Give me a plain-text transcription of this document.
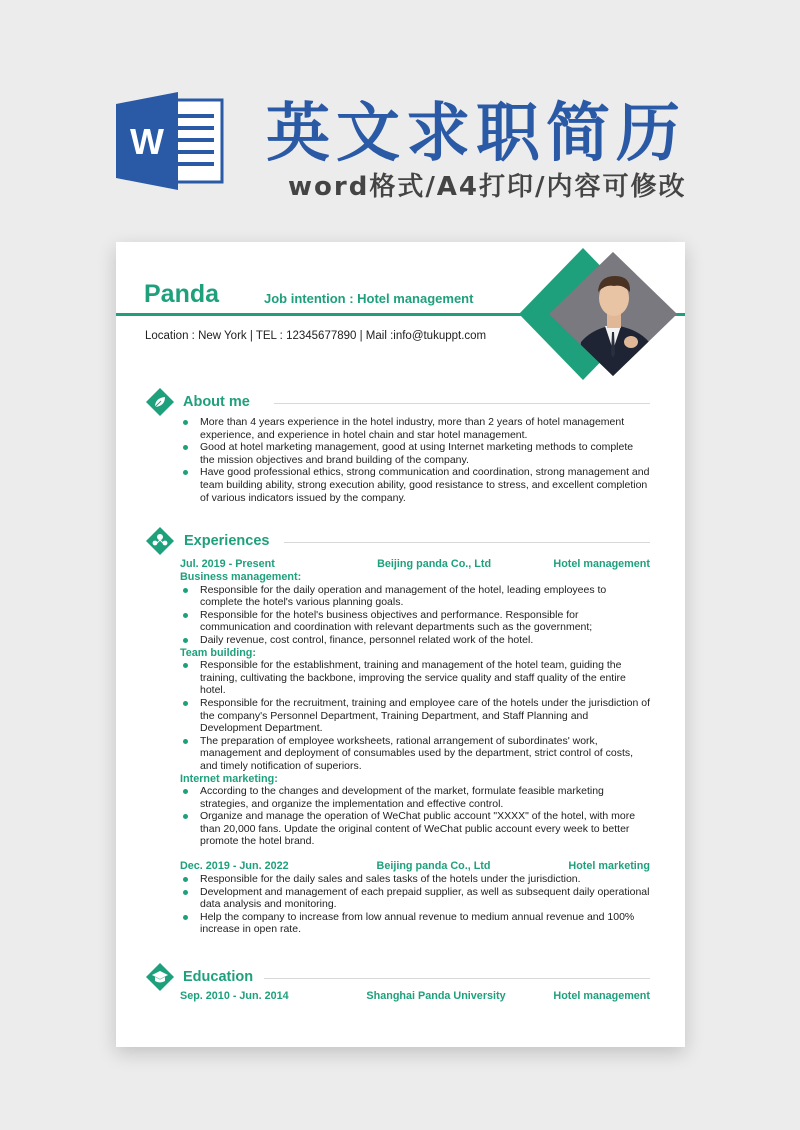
W 英文求职简历
word格式/A4打印/内容可修改
Panda	Job intention : Hotel management
Location : New York | TEL : 12345677890 | Mail :info@tukuppt.com
About me
More than 4 years experience in the hotel industry, more than 2 years of hotel management experience, and experience in hotel chain and star hotel management.
Good at hotel marketing management, good at using Internet marketing methods to complete the mission objectives and brand building of the company.
Have good professional ethics, strong communication and coordination, strong management and team building ability, strong execution ability, good resistance to stress, and excellent completion of various indicators issued by the company.
Experiences
Jul. 2019 - Present	Beijing panda Co., Ltd	Hotel management
Business management:
Responsible for the daily operation and management of the hotel, leading employees to complete the hotel's various planning goals.
Responsible for the hotel's business objectives and performance. Responsible for communication and coordination with relevant departments such as the government;
Daily revenue, cost control, finance, personnel related work of the hotel.
Team building:
Responsible for the establishment, training and management of the hotel team, guiding the training, cultivating the backbone, improving the service quality and staff quality of the entire hotel.
Responsible for the recruitment, training and employee care of the hotels under the jurisdiction of the company's Personnel Department, Training Department, and Staff Planning and Development Department.
The preparation of employee worksheets, rational arrangement of subordinates' work, management and deployment of consumables used by the department, strict control of costs, and timely notification of superiors.
Internet marketing:
According to the changes and development of the market, formulate feasible marketing strategies, and organize the implementation and effective control.
Organize and manage the operation of WeChat public account "XXXX" of the hotel, with more than 20,000 fans. Update the original content of WeChat public account every week to better promote the hotel brand.
Dec. 2019 - Jun. 2022	Beijing panda Co., Ltd	Hotel marketing
Responsible for the daily sales and sales tasks of the hotels under the jurisdiction.
Development and management of each prepaid supplier, as well as subsequent daily operational data analysis and monitoring.
Help the company to increase from low annual revenue to medium annual revenue and 100% increase in open rate.
Education
Sep. 2010 - Jun. 2014	Shanghai Panda University	Hotel management
